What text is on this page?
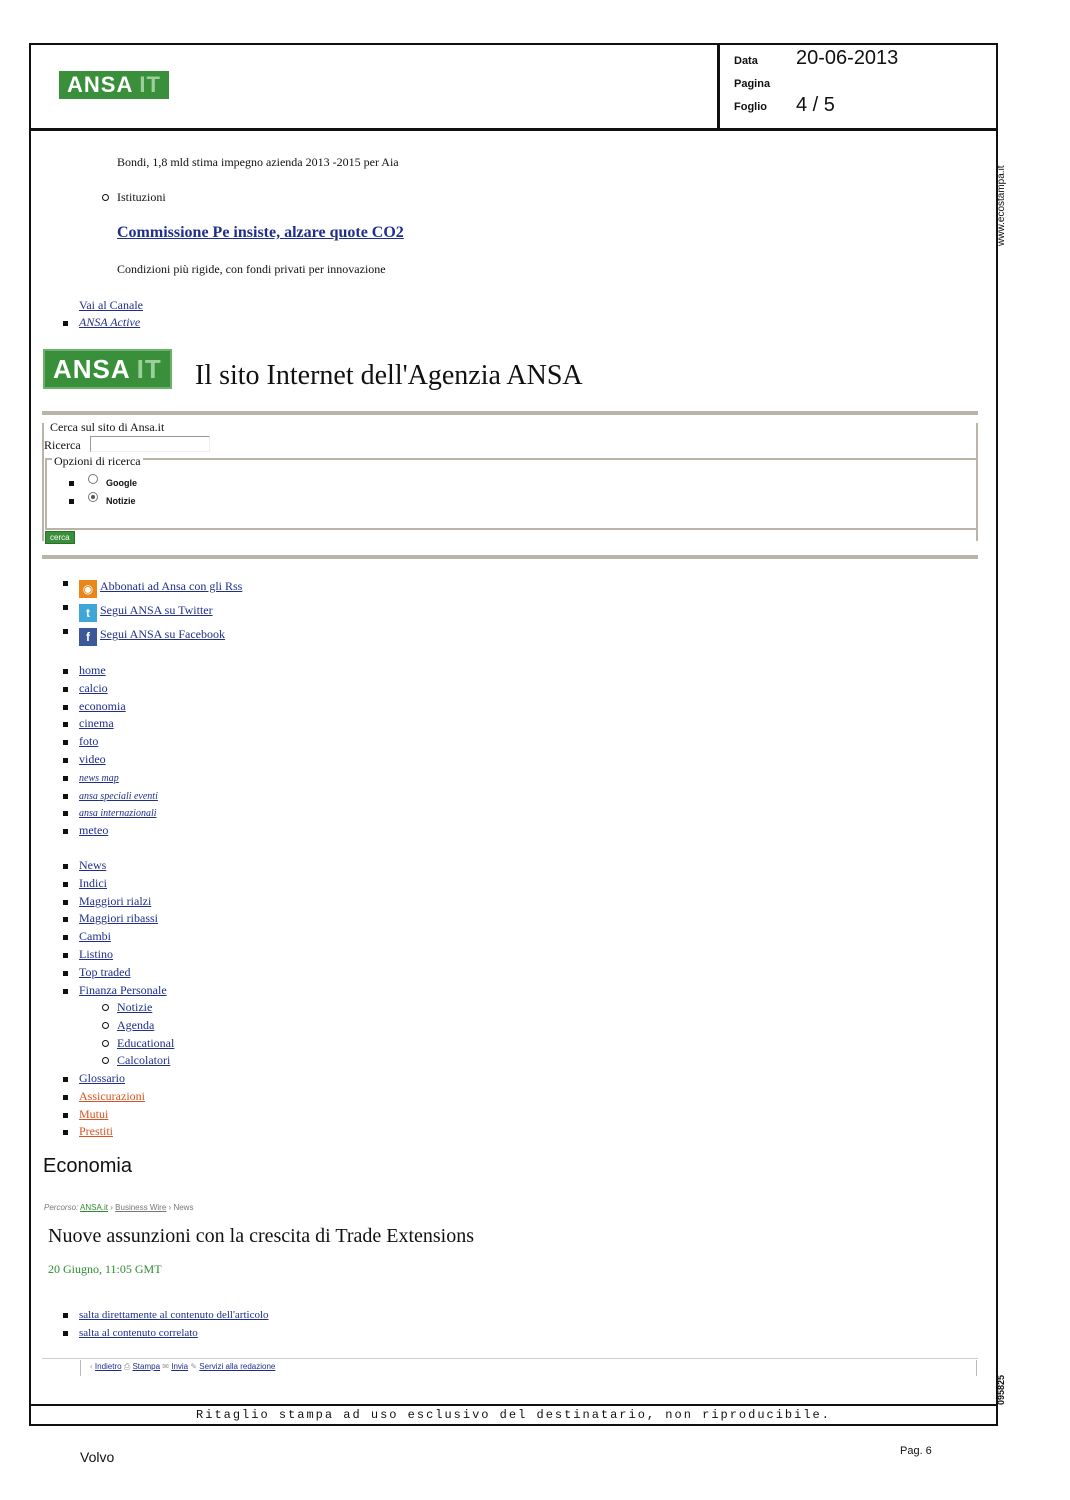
ANSA IT
Data 20-06-2013
Pagina
Foglio 4 / 5
www.ecostampa.it
095825
Bondi, 1,8 mld stima impegno azienda 2013 -2015 per Aia
Istituzioni
Commissione Pe insiste, alzare quote CO2
Condizioni più rigide, con fondi privati per innovazione
Vai al Canale
ANSA Active
ANSA IT Il sito Internet dell'Agenzia ANSA
Cerca sul sito di Ansa.it
Ricerca
Opzioni di ricerca
Google
Notizie
cerca
◉ Abbonati ad Ansa con gli Rss
t Segui ANSA su Twitter
f Segui ANSA su Facebook
home
calcio
economia
cinema
foto
video
news map
ansa speciali eventi
ansa internazionali
meteo
News
Indici
Maggiori rialzi
Maggiori ribassi
Cambi
Listino
Top traded
Finanza Personale
Notizie
Agenda
Educational
Calcolatori
Glossario
Assicurazioni
Mutui
Prestiti
Economia
Percorso: ANSA.it › Business Wire › News
Nuove assunzioni con la crescita di Trade Extensions
20 Giugno, 11:05 GMT
salta direttamente al contenuto dell'articolo
salta al contenuto correlato
‹ Indietro ⎙ Stampa ✉ Invia ✎ Servizi alla redazione
Ritaglio stampa ad uso esclusivo del destinatario, non riproducibile.
Volvo	Pag. 6
